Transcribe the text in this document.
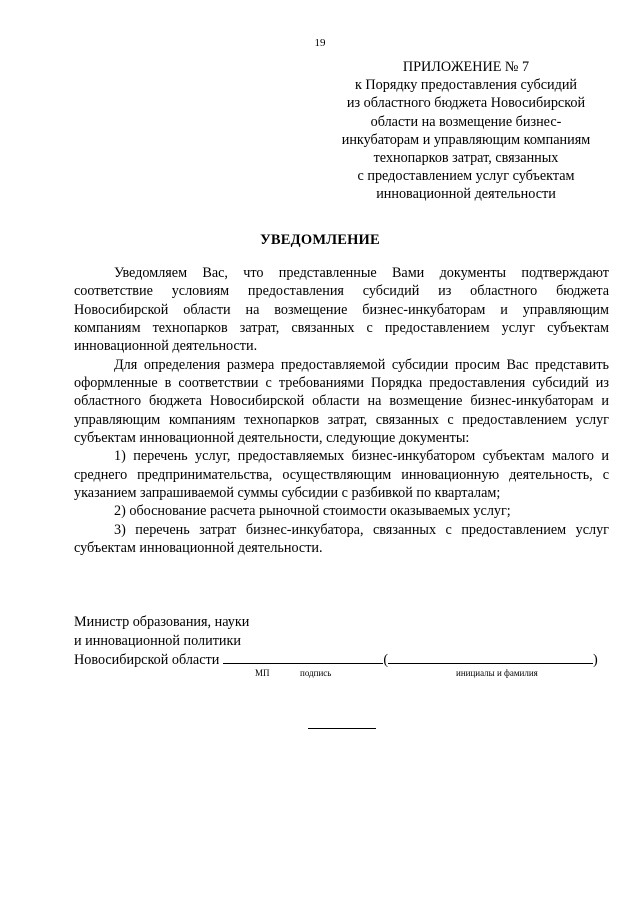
19
ПРИЛОЖЕНИЕ № 7
к Порядку предоставления субсидий
из областного бюджета Новосибирской
области на возмещение бизнес-
инкубаторам и управляющим компаниям
технопарков затрат, связанных
с предоставлением услуг субъектам
инновационной деятельности
УВЕДОМЛЕНИЕ

Уведомляем Вас, что представленные Вами документы подтверждают соответствие условиям предоставления субсидий из областного бюджета Новосибирской области на возмещение бизнес-инкубаторам и управляющим компаниям технопарков затрат, связанных с предоставлением услуг субъектам инновационной деятельности.

Для определения размера предоставляемой субсидии просим Вас представить оформленные в соответствии с требованиями Порядка предоставления субсидий из областного бюджета Новосибирской области на возмещение бизнес-инкубаторам и управляющим компаниям технопарков затрат, связанных с предоставлением услуг субъектам инновационной деятельности, следующие документы:

1) перечень услуг, предоставляемых бизнес-инкубатором субъектам малого и среднего предпринимательства, осуществляющим инновационную деятельность, с указанием запрашиваемой суммы субсидии с разбивкой по кварталам;

2) обоснование расчета рыночной стоимости оказываемых услуг;

3) перечень затрат бизнес-инкубатора, связанных с предоставлением услуг субъектам инновационной деятельности.

Министр образования, науки
и инновационной политики
Новосибирской области	(	)
МП	подпись	инициалы и фамилия
